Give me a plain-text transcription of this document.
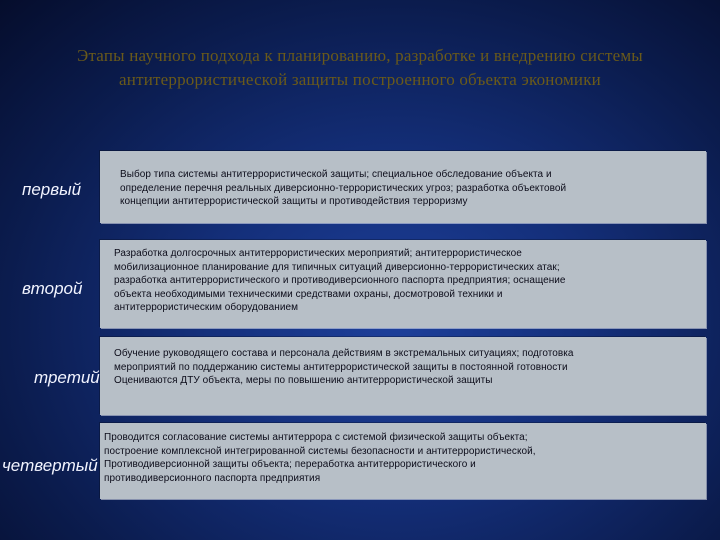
Этапы научного подхода к планированию, разработке и внедрению системы
антитеррористической защиты построенного объекта экономики
первый
Выбор типа системы антитеррористической защиты; специальное обследование объекта и
определение перечня реальных диверсионно-террористических угроз; разработка объектовой
концепции антитеррористической защиты и противодействия терроризму
второй
Разработка долгосрочных антитеррористических мероприятий; антитеррористическое
мобилизационное планирование для типичных ситуаций диверсионно-террористических атак;
разработка антитеррористического и противодиверсионного паспорта предприятия; оснащение
объекта необходимыми техническими средствами охраны, досмотровой техники и
антитеррористическим оборудованием
третий
Обучение руководящего состава и персонала действиям в экстремальных ситуациях; подготовка
мероприятий по поддержанию системы антитеррористической защиты в постоянной готовности
Оцениваются ДТУ объекта, меры по повышению антитеррористической защиты
четвертый
Проводится согласование системы антитеррора с системой физической защиты объекта;
построение комплексной интегрированной системы безопасности и антитеррористической,
Противодиверсионной защиты объекта; переработка антитеррористического и
противодиверсионного паспорта предприятия
